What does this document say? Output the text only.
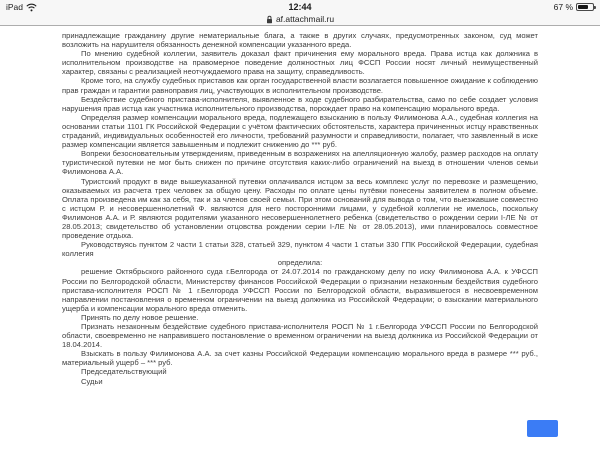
iPad	12:44	67 %
af.attachmail.ru

принадлежащие гражданину другие нематериальные блага, а также в других случаях, предусмотренных законом, суд может возложить на нарушителя обязанность денежной компенсации указанного вреда.

По мнению судебной коллегии, заявитель доказал факт причинения ему морального вреда. Права истца как должника в исполнительном производстве на правомерное поведение должностных лиц ФССП России носят личный неимущественный характер, связаны с реализацией неотчуждаемого права на защиту, справедливость.

Кроме того, на службу судебных приставов как орган государственной власти возлагается повышенное ожидание к соблюдению прав граждан и гарантии равноправия лиц, участвующих в исполнительном производстве.

Бездействие судебного пристава-исполнителя, выявленное в ходе судебного разбирательства, само по себе создает условия нарушения прав истца как участника исполнительного производства, порождает право на компенсацию морального вреда.

Определяя размер компенсации морального вреда, подлежащего взысканию в пользу Филимонова А.А., судебная коллегия на основании статьи 1101 ГК Российской Федерации с учётом фактических обстоятельств, характера причиненных истцу нравственных страданий, индивидуальных особенностей его личности, требований разумности и справедливости, полагает, что заявленный в иске размер компенсации является завышенным и подлежит снижению до *** руб.

Вопреки безосновательным утверждениям, приведенным в возражениях на апелляционную жалобу, размер расходов на оплату туристической путевки не мог быть снижен по причине отсутствия каких-либо ограничений на выезд в отношении членов семьи Филимонова А.А.

Туристский продукт в виде вышеуказанной путевки оплачивался истцом за весь комплекс услуг по перевозке и размещению, оказываемых из расчета трех человек за общую цену. Расходы по оплате цены путёвки понесены заявителем в полном объеме. Оплата произведена им как за себя, так и за членов своей семьи. При этом оснований для вывода о том, что выезжавшие совместно с истцом Р. и несовершеннолетний Ф. являются для него посторонними лицами, у судебной коллегии не имелось, поскольку Филимонов А.А. и Р. являются родителями указанного несовершеннолетнего ребенка (свидетельство о рождении серии I-ЛЕ № от 28.05.2013; свидетельство об установлении отцовства рождении серии I-ЛЕ № от 28.05.2013), ими планировалось совместное проведение отдыха.

Руководствуясь пунктом 2 части 1 статьи 328, статьей 329, пунктом 4 части 1 статьи 330 ГПК Российской Федерации, судебная коллегия

определила:

решение Октябрьского районного суда г.Белгорода от 24.07.2014 по гражданскому делу по иску Филимонова А.А. к УФССП России по Белгородской области, Министерству финансов Российской Федерации о признании незаконным бездействия судебного пристава-исполнителя РОСП № 1 г.Белгорода УФССП России по Белгородской области, выразившегося в несвоевременном направлении постановления о временном ограничении на выезд должника из Российской Федерации; о взыскании материального ущерба и компенсации морального вреда отменить.

Принять по делу новое решение.

Признать незаконным бездействие судебного пристава-исполнителя РОСП № 1 г.Белгорода УФССП России по Белгородской области, своевременно не направившего постановление о временном ограничении на выезд должника из Российской Федерации от 18.04.2014.

Взыскать в пользу Филимонова А.А. за счет казны Российской Федерации компенсацию морального вреда в размере *** руб., материальный ущерб – *** руб.

Председательствующий

Судьи
